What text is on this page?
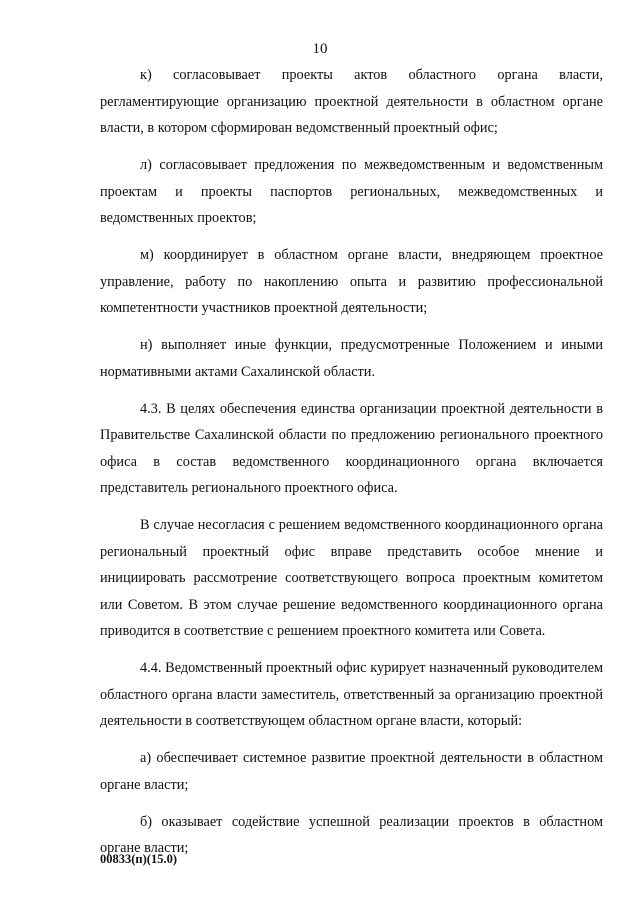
10

к) согласовывает проекты актов областного органа власти, регламентирующие организацию проектной деятельности в областном органе власти, в котором сформирован ведомственный проектный офис;

л) согласовывает предложения по межведомственным и ведомственным проектам и проекты паспортов региональных, межведомственных и ведомственных проектов;

м) координирует в областном органе власти, внедряющем проектное управление, работу по накоплению опыта и развитию профессиональной компетентности участников проектной деятельности;

н) выполняет иные функции, предусмотренные Положением и иными нормативными актами Сахалинской области.

4.3. В целях обеспечения единства организации проектной деятельности в Правительстве Сахалинской области по предложению регионального проектного офиса в состав ведомственного координационного органа включается представитель регионального проектного офиса.

В случае несогласия с решением ведомственного координационного органа региональный проектный офис вправе представить особое мнение и инициировать рассмотрение соответствующего вопроса проектным комитетом или Советом. В этом случае решение ведомственного координационного органа приводится в соответствие с решением проектного комитета или Совета.

4.4. Ведомственный проектный офис курирует назначенный руководителем областного органа власти заместитель, ответственный за организацию проектной деятельности в соответствующем областном органе власти, который:

а) обеспечивает системное развитие проектной деятельности в областном органе власти;

б) оказывает содействие успешной реализации проектов в областном органе власти;

00833(п)(15.0)
